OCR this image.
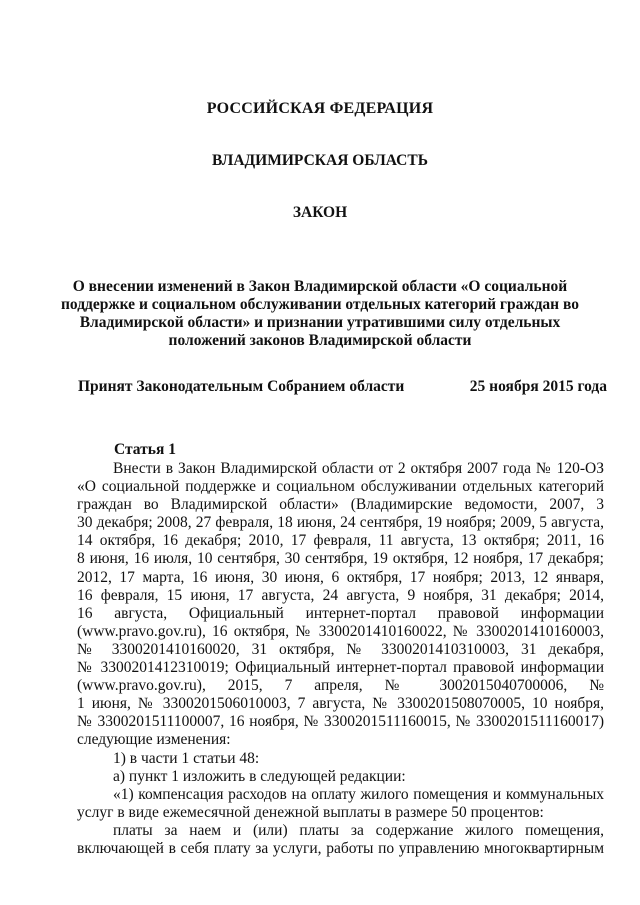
РОССИЙСКАЯ ФЕДЕРАЦИЯ
ВЛАДИМИРСКАЯ ОБЛАСТЬ
ЗАКОН
О внесении изменений в Закон Владимирской области «О социальной
поддержке и социальном обслуживании отдельных категорий граждан во
Владимирской области» и признании утратившими силу отдельных
положений законов Владимирской области
Принят Законодательным Собранием области	25 ноября 2015 года
Статья 1
Внести в Закон Владимирской области от 2 октября 2007 года № 120-ОЗ
«О социальной поддержке и социальном обслуживании отдельных категорий
граждан во Владимирской области» (Владимирские ведомости, 2007, 3
30 декабря; 2008, 27 февраля, 18 июня, 24 сентября, 19 ноября; 2009, 5 августа,
14 октября, 16 декабря; 2010, 17 февраля, 11 августа, 13 октября; 2011, 16
8 июня, 16 июля, 10 сентября, 30 сентября, 19 октября, 12 ноября, 17 декабря;
2012, 17 марта, 16 июня, 30 июня, 6 октября, 17 ноября; 2013, 12 января,
16 февраля, 15 июня, 17 августа, 24 августа, 9 ноября, 31 декабря; 2014,
16 августа, Официальный интернет-портал правовой информации
(www.pravo.gov.ru), 16 октября, № 3300201410160022, № 3300201410160003,
№ 3300201410160020, 31 октября, № 3300201410310003, 31 декабря,
№ 3300201412310019; Официальный интернет-портал правовой информации
(www.pravo.gov.ru), 2015, 7 апреля, № 3002015040700006, №
1 июня, № 3300201506010003, 7 августа, № 3300201508070005, 10 ноября,
№ 3300201511100007, 16 ноября, № 3300201511160015, № 3300201511160017)
следующие изменения:
1) в части 1 статьи 48:
а) пункт 1 изложить в следующей редакции:
«1) компенсация расходов на оплату жилого помещения и коммунальных
услуг в виде ежемесячной денежной выплаты в размере 50 процентов:
платы за наем и (или) платы за содержание жилого помещения,
включающей в себя плату за услуги, работы по управлению многоквартирным
